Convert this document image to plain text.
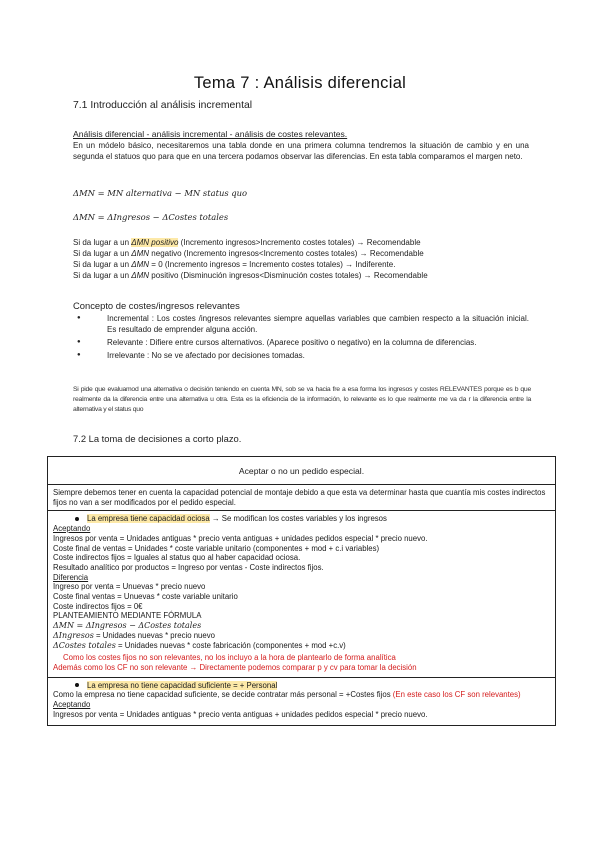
Tema 7 : Análisis diferencial
7.1 Introducción al análisis incremental
Análisis diferencial - análisis incremental - análisis de costes relevantes.
En un módelo básico, necesitaremos una tabla donde en una primera columna tendremos la situación de cambio y en una segunda el statuos quo para que en una tercera podamos observar las diferencias. En esta tabla comparamos el margen neto.
ΔMN = MN alternativa − MN status quo
ΔMN = ΔIngresos − ΔCostes totales
Si da lugar a un ΔMN positivo (Incremento ingresos>Incremento costes totales) → Recomendable
Si da lugar a un ΔMN negativo (Incremento ingresos<Incremento costes totales) → Recomendable
Si da lugar a un ΔMN = 0 (Incremento ingresos = Incremento costes totales) → Indiferente.
Si da lugar a un ΔMN positivo (Disminución ingresos<Disminución costes totales) → Recomendable
Concepto de costes/ingresos relevantes
● Incremental : Los costes /ingresos relevantes siempre aquellas variables que cambien respecto a la situación inicial. Es resultado de emprender alguna acción.
● Relevante : Difiere entre cursos alternativos. (Aparece positivo o negativo) en la columna de diferencias.
● Irrelevante : No se ve afectado por decisiones tomadas.
Si pide que evaluamod una alternativa o decisión teniendo en cuenta MN, sob se va hacia fre a esa forma los ingresos y costes RELEVANTES porque es b que realmente da la diferencia entre una alternativa u otra. Esta es la eficiencia de la información, lo relevante es lo que realmente me va da r la diferencia entre la alternativa y el status quo
7.2 La toma de decisiones a corto plazo.
Aceptar o no un pedido especial.
Siempre debemos tener en cuenta la capacidad potencial de montaje debido a que esta va determinar hasta que cuantía mis costes indirectos fijos no van a ser modificados por el pedido especial.
La empresa tiene capacidad ociosa → Se modifican los costes variables y los ingresos
Aceptando
Ingresos por venta = Unidades antiguas * precio venta antiguas + unidades pedidos especial * precio nuevo.
Coste final de ventas = Unidades * coste variable unitario (componentes + mod + c.i variables)
Coste indirectos fijos = Iguales al status quo al haber capacidad ociosa.
Resultado analítico por productos = Ingreso por ventas - Coste indirectos fijos.
Diferencia
Ingreso por venta = Unuevas * precio nuevo
Coste final ventas = Unuevas * coste variable unitario
Coste indirectos fijos = 0€
PLANTEAMIENTO MEDIANTE FÓRMULA
ΔMN = ΔIngresos − ΔCostes totales
ΔIngresos = Unidades nuevas * precio nuevo
ΔCostes totales = Unidades nuevas * coste fabricación (componentes + mod +c.v)
Como los costes fijos no son relevantes, no los incluyo a la hora de plantearlo de forma analítica
Además como los CF no son relevante → Directamente podemos comparar p y cv para tomar la decisión
La empresa no tiene capacidad suficiente = + Personal
Como la empresa no tiene capacidad suficiente, se decide contratar más personal = +Costes fijos (En este caso los CF son relevantes)
Aceptando
Ingresos por venta = Unidades antiguas * precio venta antiguas + unidades pedidos especial * precio nuevo.
